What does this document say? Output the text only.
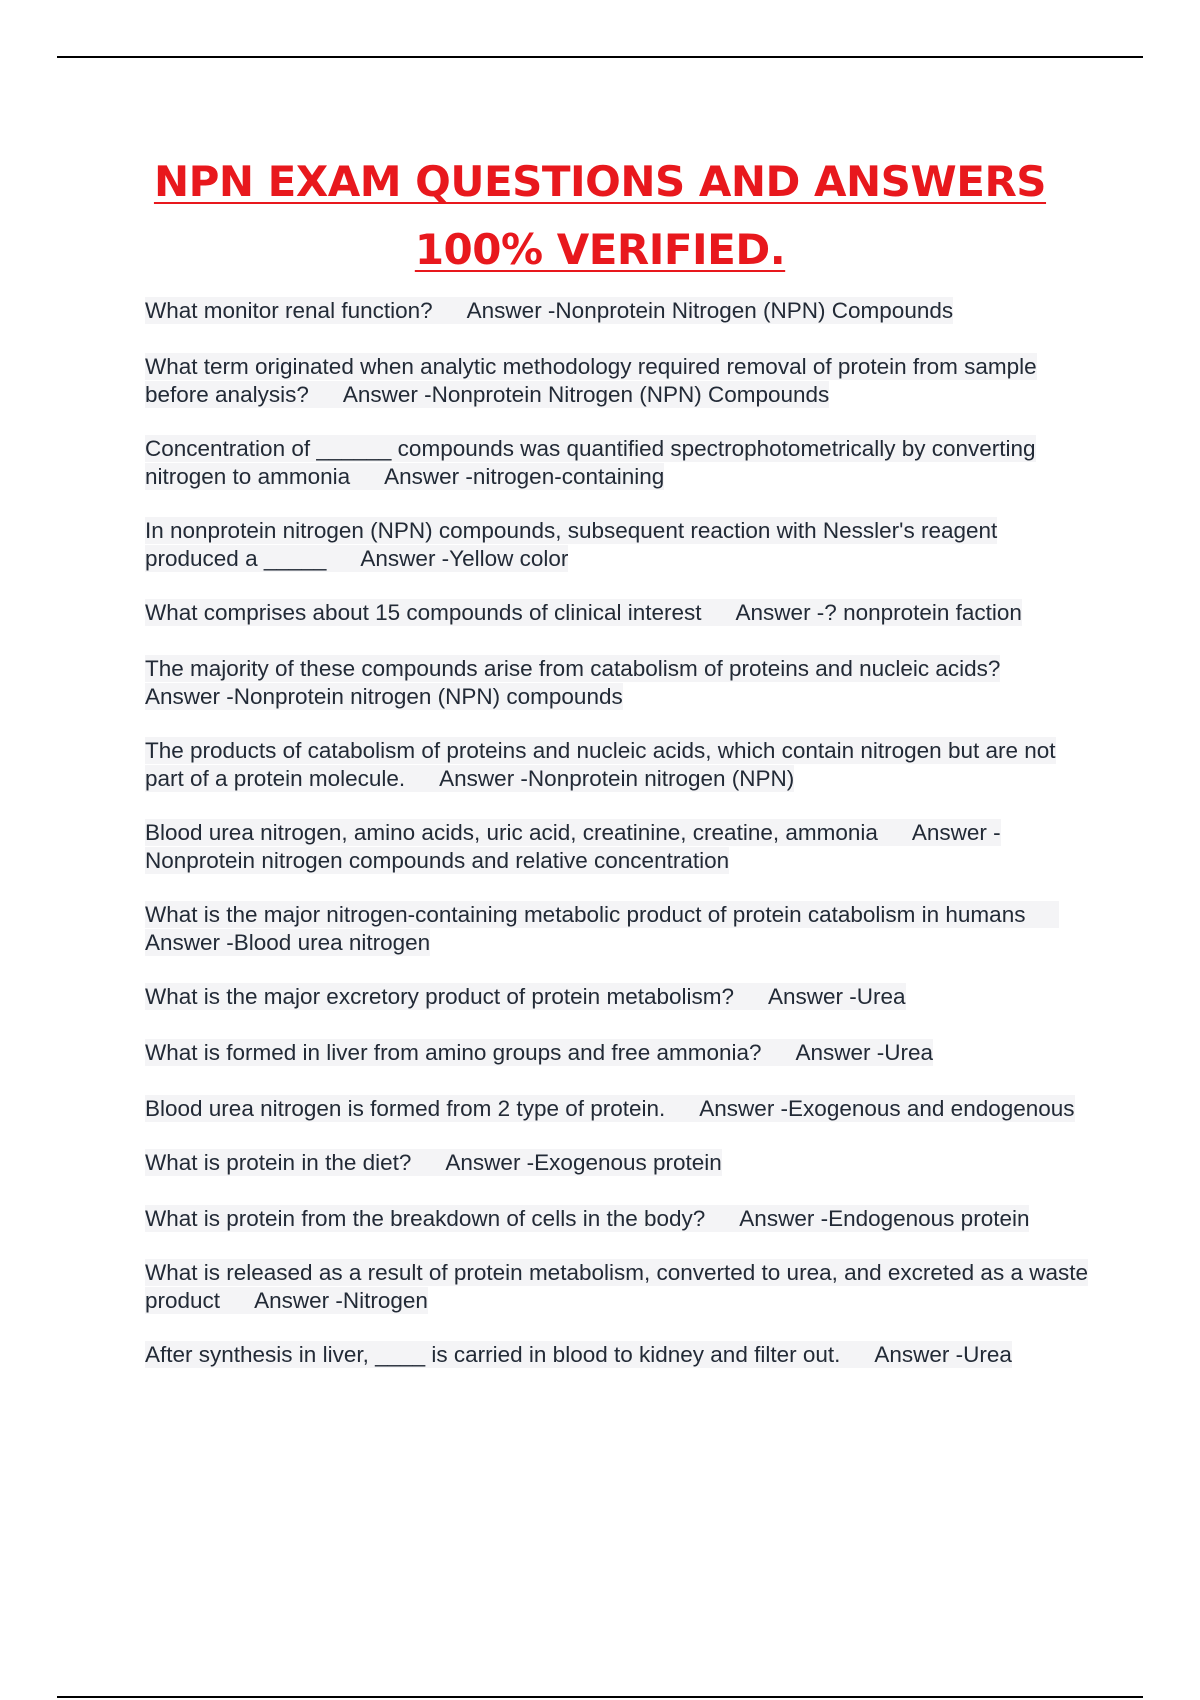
NPN EXAM QUESTIONS AND ANSWERS
100% VERIFIED.
What monitor renal function? Answer -Nonprotein Nitrogen (NPN) Compounds
What term originated when analytic methodology required removal of protein from sample before analysis? Answer -Nonprotein Nitrogen (NPN) Compounds
Concentration of ______ compounds was quantified spectrophotometrically by converting nitrogen to ammonia Answer -nitrogen-containing
In nonprotein nitrogen (NPN) compounds, subsequent reaction with Nessler's reagent produced a _____ Answer -Yellow color
What comprises about 15 compounds of clinical interest Answer -? nonprotein faction
The majority of these compounds arise from catabolism of proteins and nucleic acids?
Answer -Nonprotein nitrogen (NPN) compounds
The products of catabolism of proteins and nucleic acids, which contain nitrogen but are not part of a protein molecule. Answer -Nonprotein nitrogen (NPN)
Blood urea nitrogen, amino acids, uric acid, creatinine, creatine, ammonia Answer -Nonprotein nitrogen compounds and relative concentration
What is the major nitrogen-containing metabolic product of protein catabolism in humansAnswer -Blood urea nitrogen
What is the major excretory product of protein metabolism? Answer -Urea
What is formed in liver from amino groups and free ammonia? Answer -Urea
Blood urea nitrogen is formed from 2 type of protein. Answer -Exogenous and endogenous
What is protein in the diet? Answer -Exogenous protein
What is protein from the breakdown of cells in the body? Answer -Endogenous protein
What is released as a result of protein metabolism, converted to urea, and excreted as a waste product Answer -Nitrogen
After synthesis in liver, ____ is carried in blood to kidney and filter out. Answer -Urea
